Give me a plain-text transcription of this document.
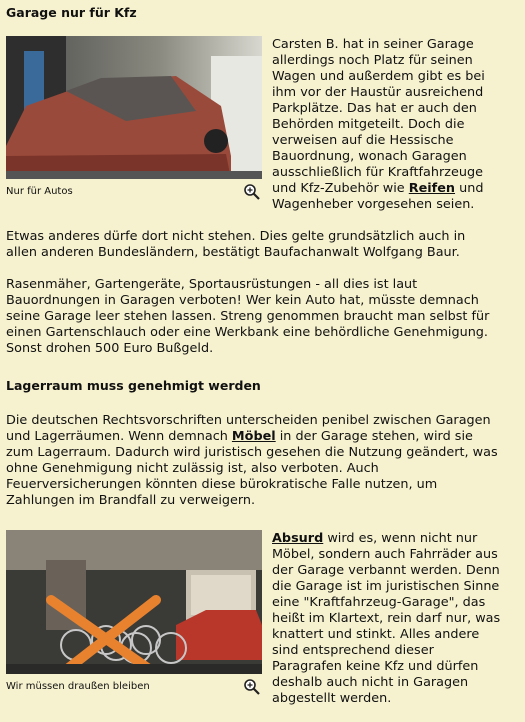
Garage nur für Kfz

Nur für Autos
Carsten B. hat in seiner Garage
allerdings noch Platz für seinen
Wagen und außerdem gibt es bei
ihm vor der Haustür ausreichend
Parkplätze. Das hat er auch den
Behörden mitgeteilt. Doch die
verweisen auf die Hessische
Bauordnung, wonach Garagen
ausschließlich für Kraftfahrzeuge
und Kfz-Zubehör wie Reifen und
Wagenheber vorgesehen seien.
Etwas anderes dürfe dort nicht stehen. Dies gelte grundsätzlich auch in
allen anderen Bundesländern, bestätigt Baufachanwalt Wolfgang Baur.
Rasenmäher, Gartengeräte, Sportausrüstungen - all dies ist laut
Bauordnungen in Garagen verboten! Wer kein Auto hat, müsste demnach
seine Garage leer stehen lassen. Streng genommen braucht man selbst für
einen Gartenschlauch oder eine Werkbank eine behördliche Genehmigung.
Sonst drohen 500 Euro Bußgeld.

Lagerraum muss genehmigt werden

Die deutschen Rechtsvorschriften unterscheiden penibel zwischen Garagen
und Lagerräumen. Wenn demnach Möbel in der Garage stehen, wird sie
zum Lagerraum. Dadurch wird juristisch gesehen die Nutzung geändert, was
ohne Genehmigung nicht zulässig ist, also verboten. Auch
Feuerversicherungen könnten diese bürokratische Falle nutzen, um
Zahlungen im Brandfall zu verweigern.
Wir müssen draußen bleiben
Absurd wird es, wenn nicht nur
Möbel, sondern auch Fahrräder aus
der Garage verbannt werden. Denn
die Garage ist im juristischen Sinne
eine "Kraftfahrzeug-Garage", das
heißt im Klartext, rein darf nur, was
knattert und stinkt. Alles andere
sind entsprechend dieser
Paragrafen keine Kfz und dürfen
deshalb auch nicht in Garagen
abgestellt werden.
